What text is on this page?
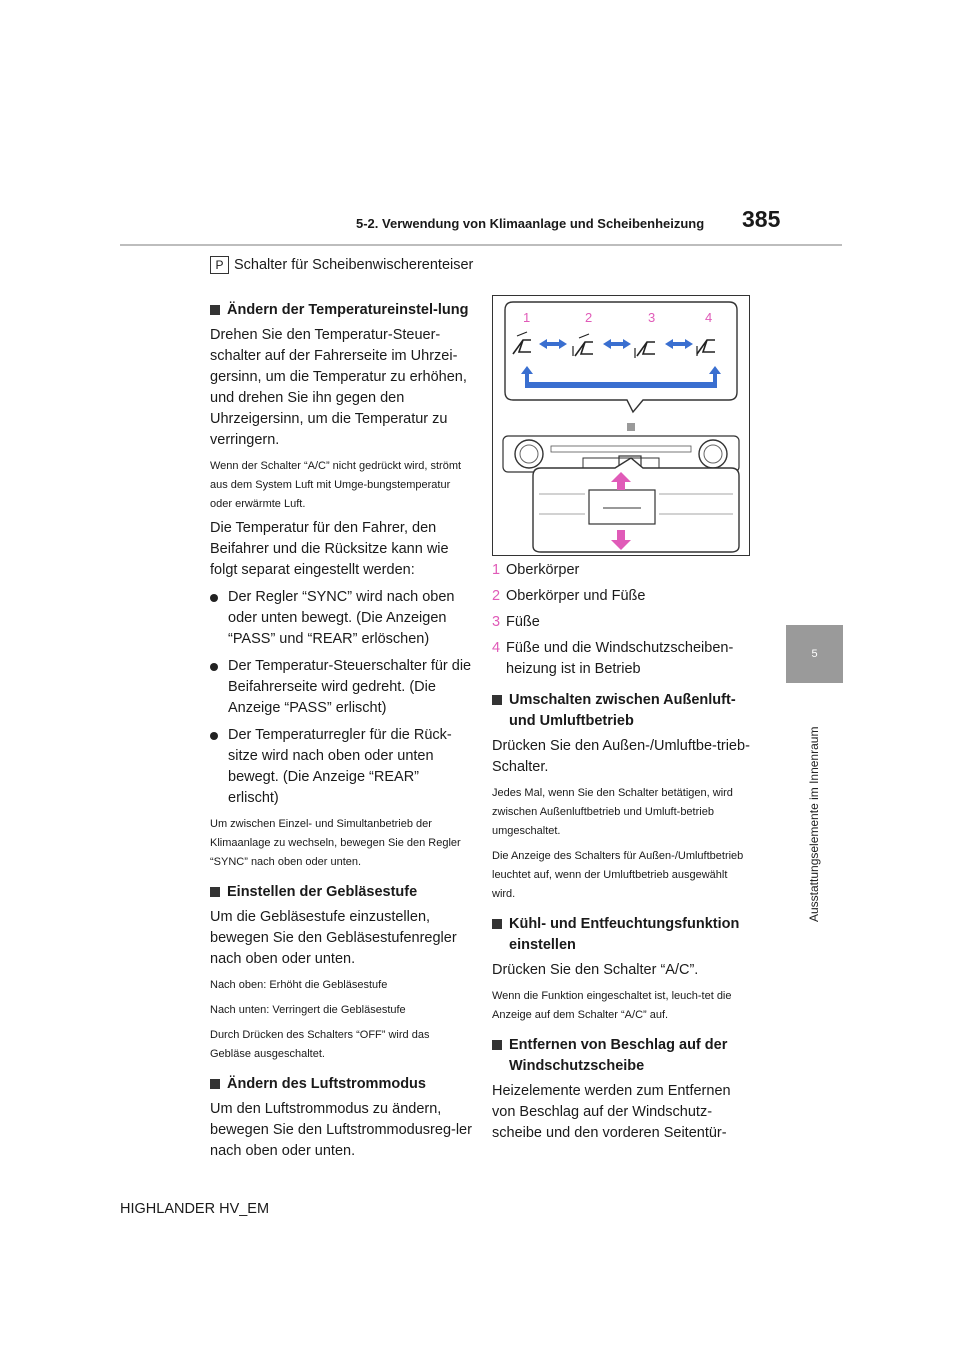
5-2. Verwendung von Klimaanlage und Scheibenheizung 385
5
Ausstattungselemente im Innenraum
P Schalter für Scheibenwischerenteiser

Ändern der Temperatureinstel-lung

Drehen Sie den Temperatur-Steuer-schalter auf der Fahrerseite im Uhrzei-gersinn, um die Temperatur zu erhöhen, und drehen Sie ihn gegen den Uhrzeigersinn, um die Temperatur zu verringern.

Wenn der Schalter “A/C” nicht gedrückt wird, strömt aus dem System Luft mit Umge-bungstemperatur oder erwärmte Luft.

Die Temperatur für den Fahrer, den Beifahrer und die Rücksitze kann wie folgt separat eingestellt werden:

Der Regler “SYNC” wird nach oben oder unten bewegt. (Die Anzeigen “PASS” und “REAR” erlöschen)

Der Temperatur-Steuerschalter für die Beifahrerseite wird gedreht. (Die Anzeige “PASS” erlischt)

Der Temperaturregler für die Rück-sitze wird nach oben oder unten bewegt. (Die Anzeige “REAR” erlischt)

Um zwischen Einzel- und Simultanbetrieb der Klimaanlage zu wechseln, bewegen Sie den Regler “SYNC” nach oben oder unten.

Einstellen der Gebläsestufe

Um die Gebläsestufe einzustellen, bewegen Sie den Gebläsestufenregler nach oben oder unten.

Nach oben: Erhöht die Gebläsestufe

Nach unten: Verringert die Gebläsestufe

Durch Drücken des Schalters “OFF” wird das Gebläse ausgeschaltet.

Ändern des Luftstrommodus

Um den Luftstrommodus zu ändern, bewegen Sie den Luftstrommodusreg-ler nach oben oder unten.

1	2	3	4
1 Oberkörper
2 Oberkörper und Füße
3 Füße
4 Füße und die Windschutzscheiben-heizung ist in Betrieb

Umschalten zwischen Außenluft- und Umluftbetrieb

Drücken Sie den Außen-/Umluftbe-trieb-Schalter.

Jedes Mal, wenn Sie den Schalter betätigen, wird zwischen Außenluftbetrieb und Umluft-betrieb umgeschaltet.

Die Anzeige des Schalters für Außen-/Umluftbetrieb leuchtet auf, wenn der Umluftbetrieb ausgewählt wird.

Kühl- und Entfeuchtungsfunktion einstellen

Drücken Sie den Schalter “A/C”.

Wenn die Funktion eingeschaltet ist, leuch-tet die Anzeige auf dem Schalter “A/C” auf.

Entfernen von Beschlag auf der Windschutzscheibe

Heizelemente werden zum Entfernen von Beschlag auf der Windschutz-scheibe und den vorderen Seitentür-

HIGHLANDER HV_EM
